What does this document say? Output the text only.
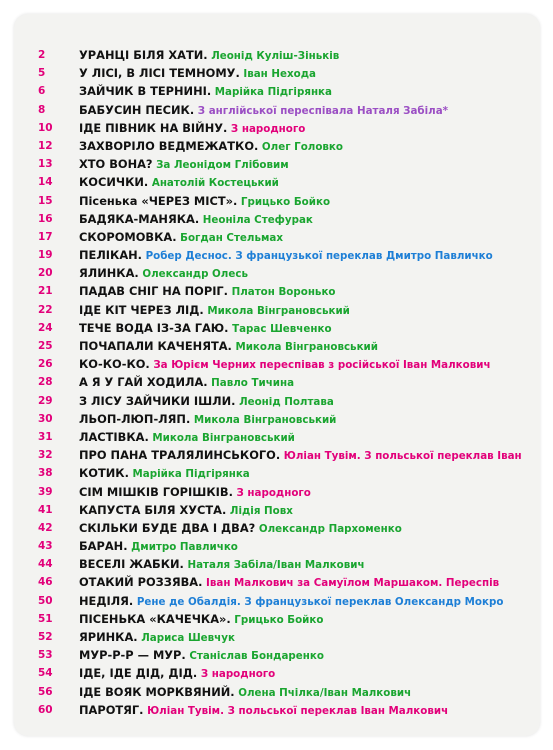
2	УРАНЦІ БІЛЯ ХАТИ. Леонід Куліш-Зіньків
5	У ЛІСІ, В ЛІСІ ТЕМНОМУ. Іван Нехода
6	ЗАЙЧИК В ТЕРНИНІ. Марійка Підгірянка
8	БАБУСИН ПЕСИК. З англійської переспівала Наталя Забіла*
10	ІДЕ ПІВНИК НА ВІЙНУ. З народного
12	ЗАХВОРІЛО ВЕДМЕЖАТКО. Олег Головко
13	ХТО ВОНА? За Леонідом Глібовим
14	КОСИЧКИ. Анатолій Костецький
15	Пісенька «ЧЕРЕЗ МІСТ». Грицько Бойко
16	БАДЯКА-МАНЯКА. Неоніла Стефурак
17	СКОРОМОВКА. Богдан Стельмах
19	ПЕЛІКАН. Робер Деснос. З французької переклав Дмитро Павличко
20	ЯЛИНКА. Олександр Олесь
21	ПАДАВ СНІГ НА ПОРІГ. Платон Воронько
22	ІДЕ КІТ ЧЕРЕЗ ЛІД. Микола Вінграновський
24	ТЕЧЕ ВОДА ІЗ-ЗА ГАЮ. Тарас Шевченко
25	ПОЧАПАЛИ КАЧЕНЯТА. Микола Вінграновський
26	КО-КО-КО. За Юрієм Черних переспівав з російської Іван Малкович
28	А Я У ГАЙ ХОДИЛА. Павло Тичина
29	З ЛІСУ ЗАЙЧИКИ ІШЛИ. Леонід Полтава
30	ЛЬОП-ЛЮП-ЛЯП. Микола Вінграновський
31	ЛАСТІВКА. Микола Вінграновський
32	ПРО ПАНА ТРАЛЯЛИНСЬКОГО. Юліан Тувім. З польської переклав Іван
38	КОТИК. Марійка Підгірянка
39	СІМ МІШКІВ ГОРІШКІВ. З народного
41	КАПУСТА БІЛЯ ХУСТА. Лідія Повх
42	СКІЛЬКИ БУДЕ ДВА І ДВА? Олександр Пархоменко
43	БАРАН. Дмитро Павличко
44	ВЕСЕЛІ ЖАБКИ. Наталя Забіла/Іван Малкович
46	ОТАКИЙ РОЗЗЯВА. Іван Малкович за Самуїлом Маршаком. Переспів
50	НЕДІЛЯ. Рене де Обалдія. З французької переклав Олександр Мокро
51	ПІСЕНЬКА «КАЧЕЧКА». Грицько Бойко
52	ЯРИНКА. Лариса Шевчук
53	МУР-Р-Р — МУР. Станіслав Бондаренко
54	ІДЕ, ІДЕ ДІД, ДІД. З народного
56	ІДЕ ВОЯК МОРКВЯНИЙ. Олена Пчілка/Іван Малкович
60	ПАРОТЯГ. Юліан Тувім. З польської переклав Іван Малкович
